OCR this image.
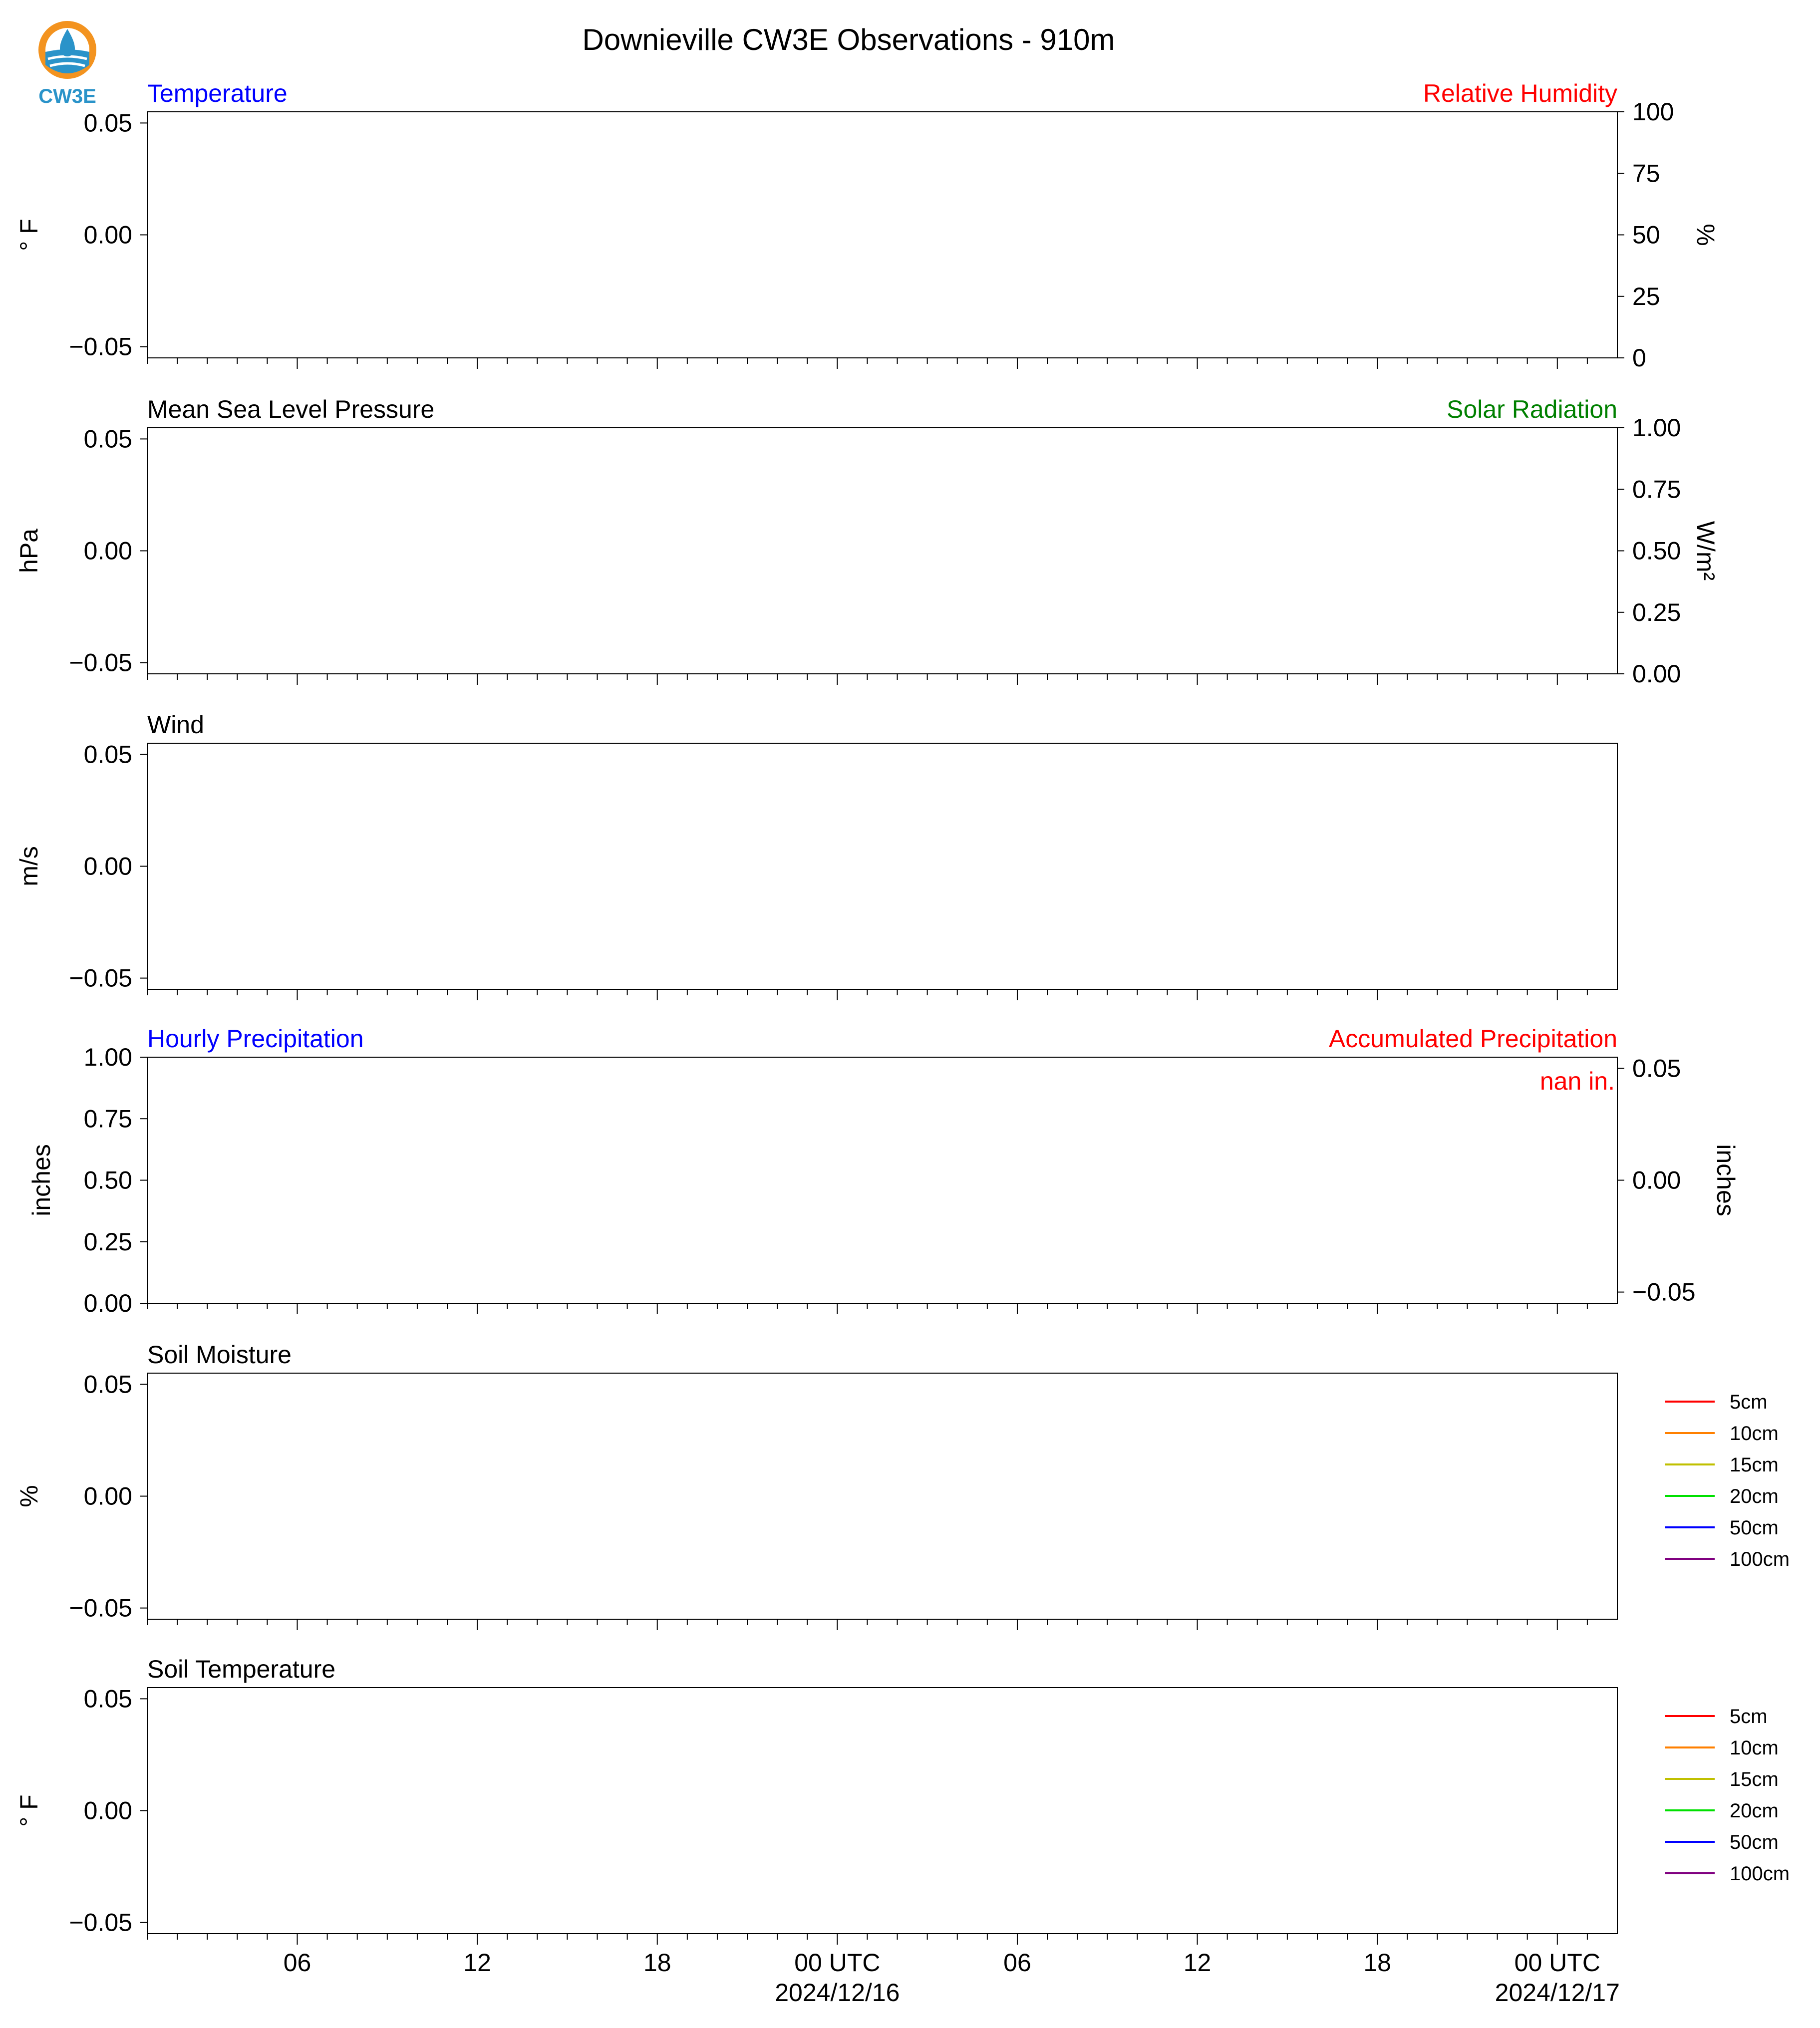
CW3E
Downieville CW3E Observations - 910m
Temperature	Relative Humidity
0.05
0.00
−0.05
° F
100
75
50
25
0
%
Mean Sea Level Pressure	Solar Radiation
0.05
0.00
−0.05
hPa
1.00
0.75
0.50
0.25
0.00
W/m²
Wind
0.05
0.00
−0.05
m/s
Hourly Precipitation	Accumulated Precipitation
1.00
0.75
0.50
0.25
0.00
inches
0.05
0.00
−0.05
inches
nan in.
Soil Moisture
0.05
0.00
−0.05
%
5cm
10cm
15cm
20cm
50cm
100cm
Soil Temperature
0.05
0.00
−0.05
° F
06	12	18	00 UTC
2024/12/16
06	12	18	00 UTC
2024/12/17
5cm
10cm
15cm
20cm
50cm
100cm
